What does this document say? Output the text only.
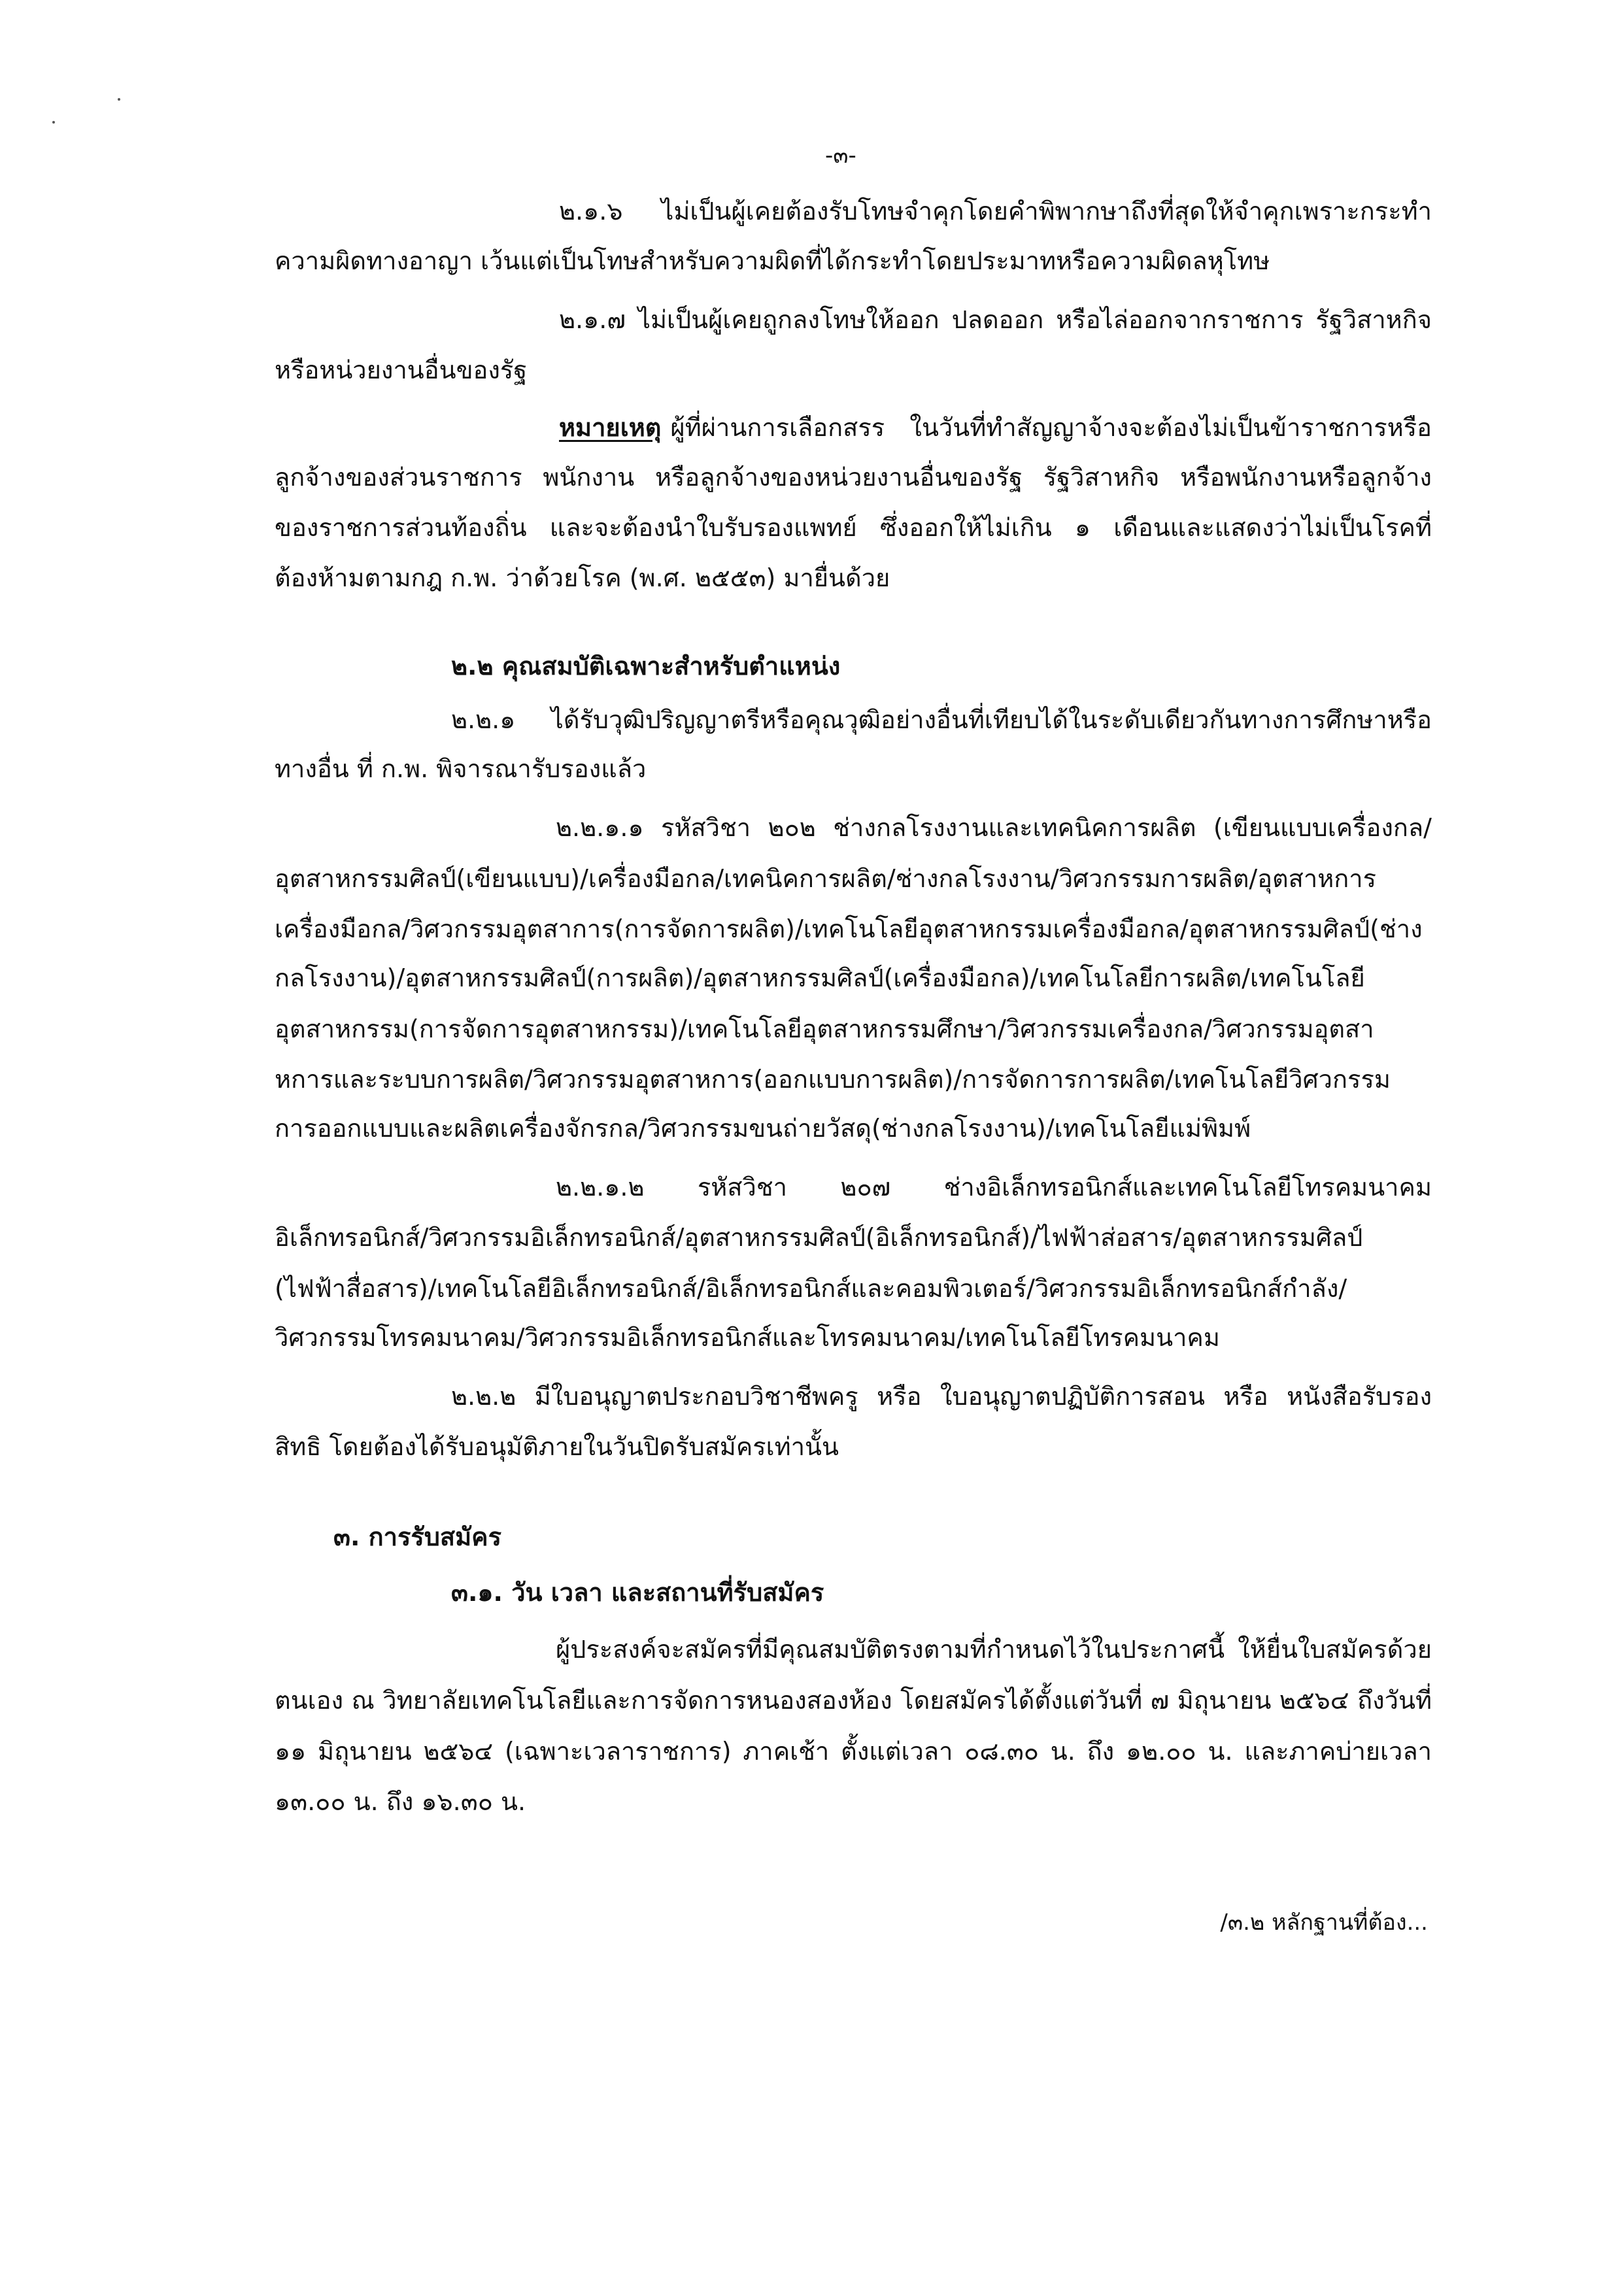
-๓-
๒.๑.๖ ไม่เป็นผู้เคยต้องรับโทษจำคุกโดยคำพิพากษาถึงที่สุดให้จำคุกเพราะกระทำ
ความผิดทางอาญา เว้นแต่เป็นโทษสำหรับความผิดที่ได้กระทำโดยประมาทหรือความผิดลหุโทษ
๒.๑.๗ ไม่เป็นผู้เคยถูกลงโทษให้ออก ปลดออก หรือไล่ออกจากราชการ รัฐวิสาหกิจ
หรือหน่วยงานอื่นของรัฐ
หมายเหตุ ผู้ที่ผ่านการเลือกสรร ในวันที่ทำสัญญาจ้างจะต้องไม่เป็นข้าราชการหรือ
ลูกจ้างของส่วนราชการ พนักงาน หรือลูกจ้างของหน่วยงานอื่นของรัฐ รัฐวิสาหกิจ หรือพนักงานหรือลูกจ้าง
ของราชการส่วนท้องถิ่น และจะต้องนำใบรับรองแพทย์ ซึ่งออกให้ไม่เกิน ๑ เดือนและแสดงว่าไม่เป็นโรคที่
ต้องห้ามตามกฎ ก.พ. ว่าด้วยโรค (พ.ศ. ๒๕๕๓) มายื่นด้วย
๒.๒ คุณสมบัติเฉพาะสำหรับตำแหน่ง
๒.๒.๑ ได้รับวุฒิปริญญาตรีหรือคุณวุฒิอย่างอื่นที่เทียบได้ในระดับเดียวกันทางการศึกษาหรือ
ทางอื่น ที่ ก.พ. พิจารณารับรองแล้ว
๒.๒.๑.๑ รหัสวิชา ๒๐๒ ช่างกลโรงงานและเทคนิคการผลิต (เขียนแบบเครื่องกล/
อุตสาหกรรมศิลป์(เขียนแบบ)/เครื่องมือกล/เทคนิคการผลิต/ช่างกลโรงงาน/วิศวกรรมการผลิต/อุตสาหการ
เครื่องมือกล/วิศวกรรมอุตสาการ(การจัดการผลิต)/เทคโนโลยีอุตสาหกรรมเครื่องมือกล/อุตสาหกรรมศิลป์(ช่าง
กลโรงงาน)/อุตสาหกรรมศิลป์(การผลิต)/อุตสาหกรรมศิลป์(เครื่องมือกล)/เทคโนโลยีการผลิต/เทคโนโลยี
อุตสาหกรรม(การจัดการอุตสาหกรรม)/เทคโนโลยีอุตสาหกรรมศึกษา/วิศวกรรมเครื่องกล/วิศวกรรมอุตสา
หการและระบบการผลิต/วิศวกรรมอุตสาหการ(ออกแบบการผลิต)/การจัดการการผลิต/เทคโนโลยีวิศวกรรม
การออกแบบและผลิตเครื่องจักรกล/วิศวกรรมขนถ่ายวัสดุ(ช่างกลโรงงาน)/เทคโนโลยีแม่พิมพ์
๒.๒.๑.๒ รหัสวิชา ๒๐๗ ช่างอิเล็กทรอนิกส์และเทคโนโลยีโทรคมนาคม
อิเล็กทรอนิกส์/วิศวกรรมอิเล็กทรอนิกส์/อุตสาหกรรมศิลป์(อิเล็กทรอนิกส์)/ไฟฟ้าส่อสาร/อุตสาหกรรมศิลป์
(ไฟฟ้าสื่อสาร)/เทคโนโลยีอิเล็กทรอนิกส์/อิเล็กทรอนิกส์และคอมพิวเตอร์/วิศวกรรมอิเล็กทรอนิกส์กำลัง/
วิศวกรรมโทรคมนาคม/วิศวกรรมอิเล็กทรอนิกส์และโทรคมนาคม/เทคโนโลยีโทรคมนาคม
๒.๒.๒ มีใบอนุญาตประกอบวิชาชีพครู หรือ ใบอนุญาตปฏิบัติการสอน หรือ หนังสือรับรอง
สิทธิ โดยต้องได้รับอนุมัติภายในวันปิดรับสมัครเท่านั้น
๓. การรับสมัคร
๓.๑. วัน เวลา และสถานที่รับสมัคร
ผู้ประสงค์จะสมัครที่มีคุณสมบัติตรงตามที่กำหนดไว้ในประกาศนี้ ให้ยื่นใบสมัครด้วย
ตนเอง ณ วิทยาลัยเทคโนโลยีและการจัดการหนองสองห้อง โดยสมัครได้ตั้งแต่วันที่ ๗ มิถุนายน ๒๕๖๔ ถึงวันที่
๑๑ มิถุนายน ๒๕๖๔ (เฉพาะเวลาราชการ) ภาคเช้า ตั้งแต่เวลา ๐๘.๓๐ น. ถึง ๑๒.๐๐ น. และภาคบ่ายเวลา
๑๓.๐๐ น. ถึง ๑๖.๓๐ น.
/๓.๒ หลักฐานที่ต้อง...
